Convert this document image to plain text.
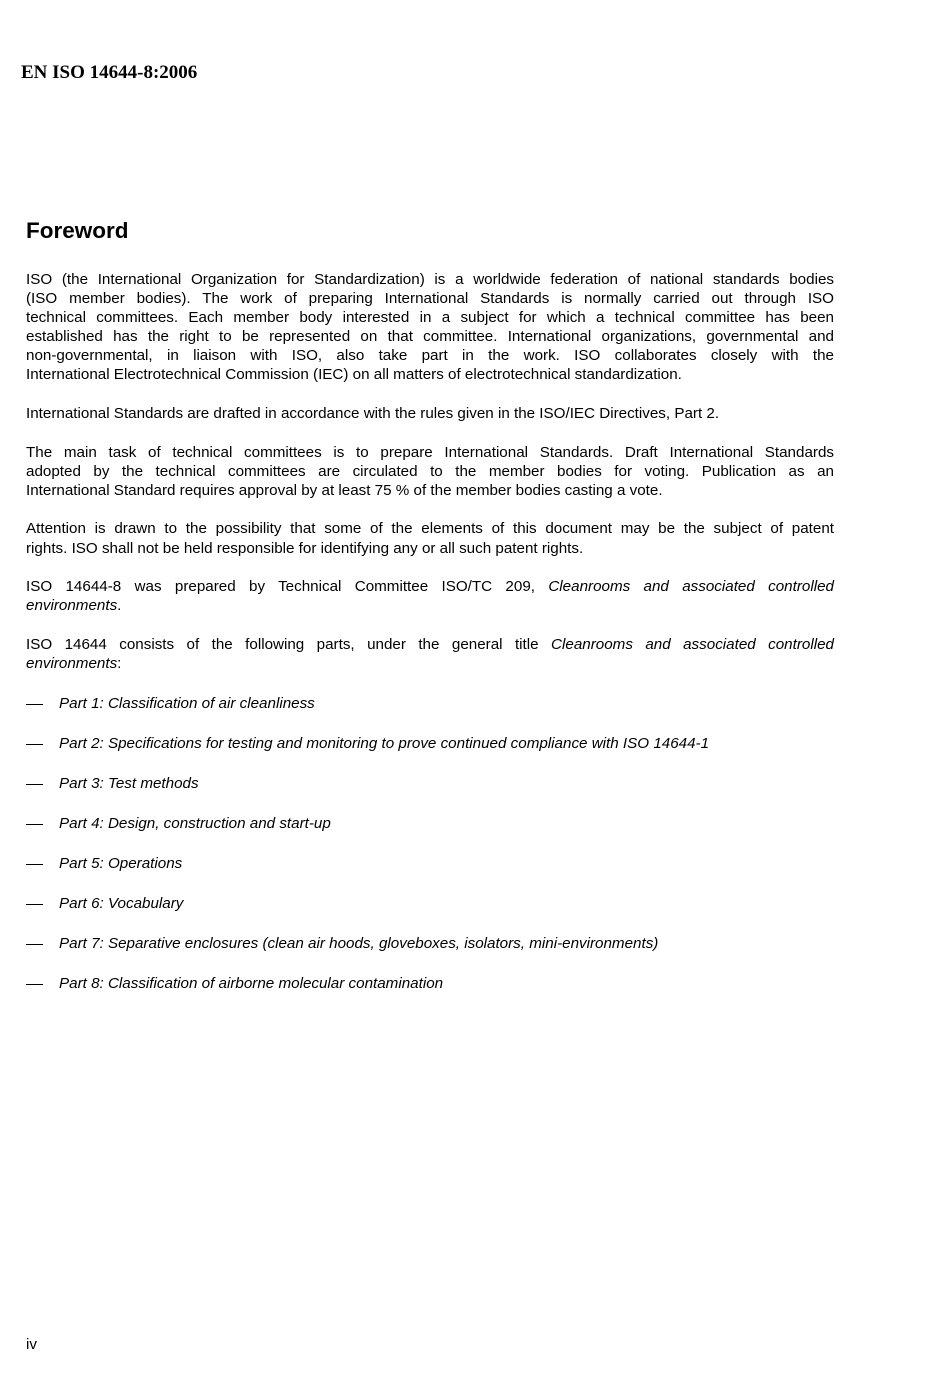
EN ISO 14644-8:2006
Foreword

ISO (the International Organization for Standardization) is a worldwide federation of national standards bodies
(ISO member bodies). The work of preparing International Standards is normally carried out through ISO
technical committees. Each member body interested in a subject for which a technical committee has been
established has the right to be represented on that committee. International organizations, governmental and
non-governmental, in liaison with ISO, also take part in the work. ISO collaborates closely with the
International Electrotechnical Commission (IEC) on all matters of electrotechnical standardization.

International Standards are drafted in accordance with the rules given in the ISO/IEC Directives, Part 2.

The main task of technical committees is to prepare International Standards. Draft International Standards
adopted by the technical committees are circulated to the member bodies for voting. Publication as an
International Standard requires approval by at least 75 % of the member bodies casting a vote.

Attention is drawn to the possibility that some of the elements of this document may be the subject of patent
rights. ISO shall not be held responsible for identifying any or all such patent rights.

ISO 14644-8 was prepared by Technical Committee ISO/TC 209, Cleanrooms and associated controlled
environments.

ISO 14644 consists of the following parts, under the general title Cleanrooms and associated controlled
environments:

Part 1: Classification of air cleanliness
Part 2: Specifications for testing and monitoring to prove continued compliance with ISO 14644-1
Part 3: Test methods
Part 4: Design, construction and start-up
Part 5: Operations
Part 6: Vocabulary
Part 7: Separative enclosures (clean air hoods, gloveboxes, isolators, mini-environments)
Part 8: Classification of airborne molecular contamination
iv
